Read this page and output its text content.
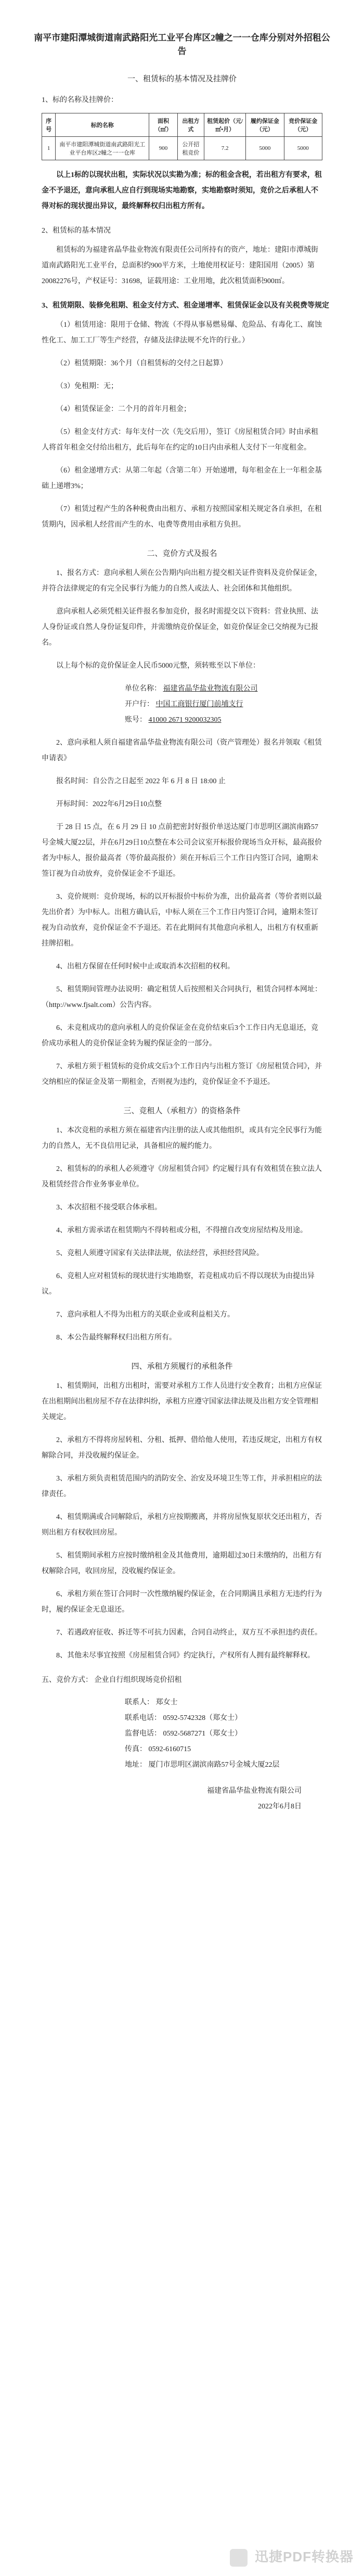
南平市建阳潭城街道南武路阳光工业平台库区2幢之一一仓库分别对外招租公告
一、租赁标的基本情况及挂牌价
1、标的名称及挂牌价：
序号	标的名称	面积（㎡）	出租方式	租赁起价（元/㎡•月）	履约保证金（元）	竞价保证金（元）
1	南平市建阳潭城街道南武路阳光工业平台库区2幢之一一仓库	900	公开招租竞价	7.2	5000	5000

以上1标的以现状出租，实际状况以实勘为准；标的租金含税，若出租方有要求，租金不予退还，意向承租人应自行到现场实地勘察，实地勘察时须知，竞价之后承租人不得对标的现状提出异议，最终解释权归出租方所有。

2、租赁标的基本情况

租赁标的为福建省晶华盐业物流有限责任公司所持有的资产，地址：建阳市潭城街道南武路阳光工业平台，总面积约900平方米，土地使用权证号：建阳国用（2005）第20082276号，产权证号：31698，证载用途：工业用地，此次租赁面积900㎡。

3、租赁期限、装修免租期、租金支付方式、租金递增率、租赁保证金以及有关税费等规定

（1）租赁用途：限用于仓储、物流（不得从事易燃易爆、危险品、有毒化工、腐蚀性化工、加工工厂等生产经营，存储及法律法规不允许的行业。）

（2）租赁期限：36个月（自租赁标的交付之日起算）

（3）免租期：无；

（4）租赁保证金：二个月的首年月租金；

（5）租金支付方式：每年支付一次（先交后用），签订《房屋租赁合同》时由承租人将首年租金交付给出租方，此后每年在约定的10日内由承租人支付下一年度租金。

（6）租金递增方式：从第二年起（含第二年）开始递增，每年租金在上一年租金基础上递增3%；

（7）租赁过程产生的各种税费由出租方、承租方按照国家相关规定各自承担，在租赁期内，因承租人经营而产生的水、电费等费用由承租方负担。

二、竞价方式及报名

1、报名方式：意向承租人须在公告期内向出租方提交相关证件资料及竞价保证金，并符合法律规定的有完全民事行为能力的自然人或法人、社会团体和其他组织。

意向承租人必须凭相关证件报名参加竞价，报名时需提交以下资料：营业执照、法人身份证或自然人身份证复印件，并需缴纳竞价保证金，如竞价保证金已交纳视为已报名。

以上每个标的竞价保证金人民币5000元整，须转账至以下单位：

单位名称： 福建省晶华盐业物流有限公司
开户行： 中国工商银行厦门前埔支行
账号： 41000 2671 9200032305

2、意向承租人须自福建省晶华盐业物流有限公司（资产管理处）报名并领取《租赁申请表》

报名时间：自公告之日起至 2022 年 6 月 8 日 18:00 止

开标时间：2022年6月29日10点整

于 28 日 15 点，在 6 月 29 日 10 点前把密封好报价单送达厦门市思明区湖滨南路57号金城大厦22层，并在6月29日10点整在本公司会议室开标报价现场当众开标，最高报价者为中标人，报价最高者（等价最高报价）须在开标后三个工作日内签订合同，逾期未签订视为自动放弃，竞价保证金不予退还。

3、竞价规则：竞价现场，标的以开标报价中标价为准，出价最高者（等价者则以最先出价者）为中标人。出租方确认后，中标人须在三个工作日内签订合同，逾期未签订视为自动放弃，竞价保证金不予退还。若在此期间有其他意向承租人，出租方有权重新挂牌招租。

4、出租方保留在任何时候中止或取消本次招租的权利。

5、租赁期间管理办法说明：确定租赁人后按照相关合同执行，租赁合同样本网址：（http://www.fjsalt.com）公告内容。

6、未竞租成功的意向承租人的竞价保证金在竞价结束后3个工作日内无息退还，竞价成功承租人的竞价保证金转为履约保证金的一部分。

7、承租方须于租赁标的竞价成交后3个工作日内与出租方签订《房屋租赁合同》，并交纳相应的保证金及第一期租金，否则视为违约，竞价保证金不予退还。

三、竞租人（承租方）的资格条件

1、本次竞租的承租方须在福建省内注册的法人或其他组织，或具有完全民事行为能力的自然人，无不良信用记录，具备相应的履约能力。

2、租赁标的的承租人必须遵守《房屋租赁合同》约定履行具有有效租赁在独立法人及租赁经营合作业务事业单位。

3、本次招租不接受联合体承租。

4、承租方需承诺在租赁期内不得转租或分租，不得擅自改变房屋结构及用途。

5、竞租人须遵守国家有关法律法规，依法经营，承担经营风险。

6、竞租人应对租赁标的现状进行实地勘察，若竞租成功后不得以现状为由提出异议。

7、意向承租人不得为出租方的关联企业或利益相关方。

8、本公告最终解释权归出租方所有。

四、承租方须履行的承租条件

1、租赁期间，出租方出租时，需要对承租方工作人员进行安全教育；出租方应保证在出租期间出租房屋不存在法律纠纷，承租方应遵守国家法律法规及出租方安全管理相关规定。

2、承租方不得将房屋转租、分租、抵押、借给他人使用，若违反规定，出租方有权解除合同，并没收履约保证金。

3、承租方须负责租赁范围内的消防安全、治安及环境卫生等工作，并承担相应的法律责任。

4、租赁期满或合同解除后，承租方应按期搬离，并将房屋恢复原状交还出租方，否则出租方有权收回房屋。

5、租赁期间承租方应按时缴纳租金及其他费用，逾期超过30日未缴纳的，出租方有权解除合同，收回房屋，没收履约保证金。

6、承租方须在签订合同时一次性缴纳履约保证金，在合同期满且承租方无违约行为时，履约保证金无息退还。

7、若遇政府征收、拆迁等不可抗力因素，合同自动终止，双方互不承担违约责任。

8、其他未尽事宜按照《房屋租赁合同》约定执行，产权所有人拥有最终解释权。

五、竞价方式： 企业自行组织现场竞价招租
联系人： 郑女士
联系电话： 0592-5742328（郑女士）
监督电话： 0592-5687271（郑女士）
传真： 0592-6160715
地址： 厦门市思明区湖滨南路57号金城大厦22层
福建省晶华盐业物流有限公司
2022年6月8日
迅捷PDF转换器
